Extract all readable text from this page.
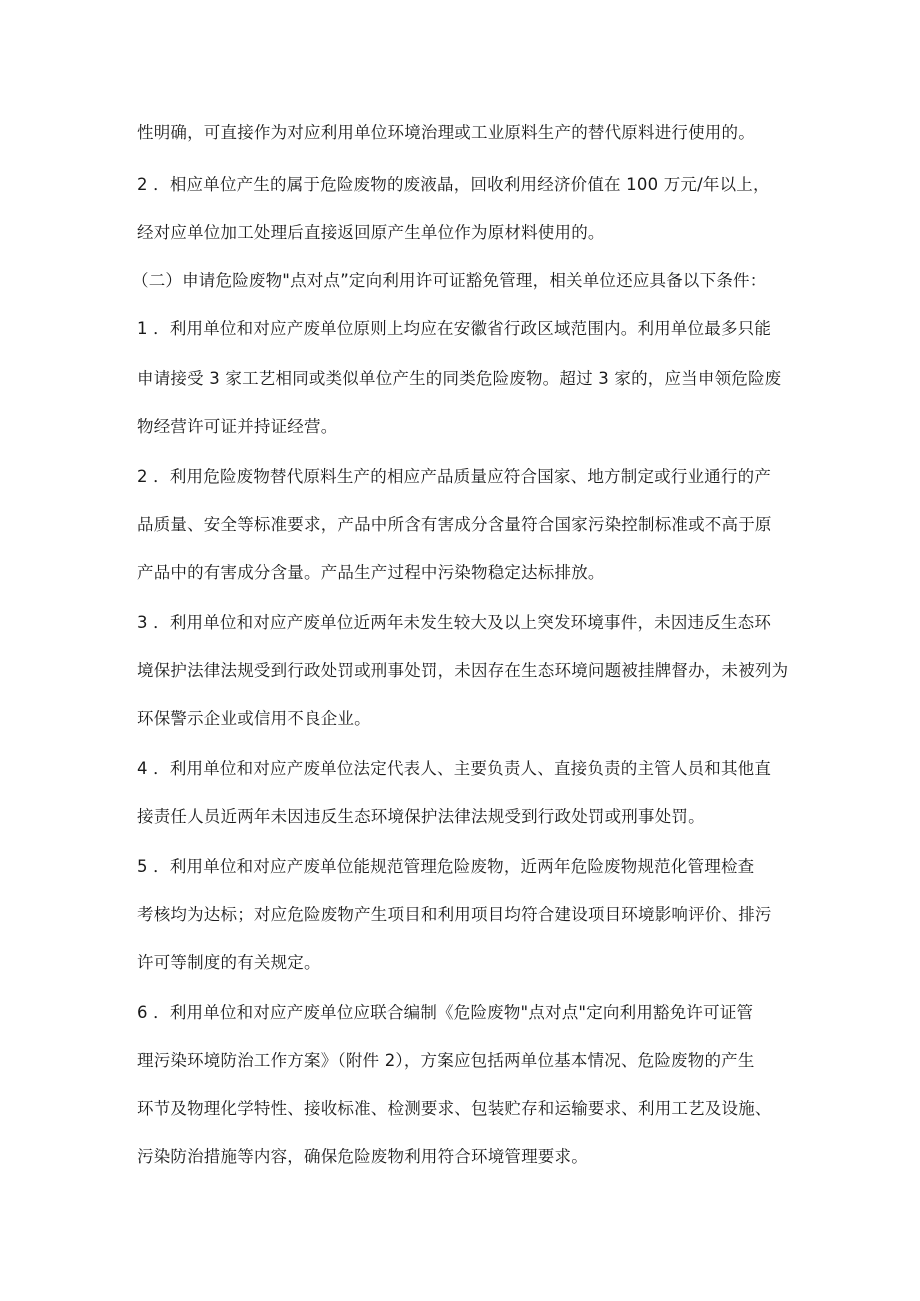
性明确，可直接作为对应利用单位环境治理或工业原料生产的替代原料进行使用的。
2 ．相应单位产生的属于危险废物的废液晶，回收利用经济价值在 100 万元/年以上，
经对应单位加工处理后直接返回原产生单位作为原材料使用的。
（二）申请危险废物"点对点”定向利用许可证豁免管理，相关单位还应具备以下条件：
1 ．利用单位和对应产废单位原则上均应在安徽省行政区域范围内。利用单位最多只能
申请接受 3 家工艺相同或类似单位产生的同类危险废物。超过 3 家的，应当申领危险废
物经营许可证并持证经营。
2 ．利用危险废物替代原料生产的相应产品质量应符合国家、地方制定或行业通行的产
品质量、安全等标准要求，产品中所含有害成分含量符合国家污染控制标准或不高于原
产品中的有害成分含量。产品生产过程中污染物稳定达标排放。
3 ．利用单位和对应产废单位近两年未发生较大及以上突发环境事件，未因违反生态环
境保护法律法规受到行政处罚或刑事处罚，未因存在生态环境问题被挂牌督办，未被列为
环保警示企业或信用不良企业。
4 ．利用单位和对应产废单位法定代表人、主要负责人、直接负责的主管人员和其他直
接责任人员近两年未因违反生态环境保护法律法规受到行政处罚或刑事处罚。
5 ．利用单位和对应产废单位能规范管理危险废物，近两年危险废物规范化管理检查
考核均为达标；对应危险废物产生项目和利用项目均符合建设项目环境影响评价、排污
许可等制度的有关规定。
6 ．利用单位和对应产废单位应联合编制《危险废物"点对点"定向利用豁免许可证管
理污染环境防治工作方案》（附件 2），方案应包括两单位基本情况、危险废物的产生
环节及物理化学特性、接收标准、检测要求、包装贮存和运输要求、利用工艺及设施、
污染防治措施等内容，确保危险废物利用符合环境管理要求。
